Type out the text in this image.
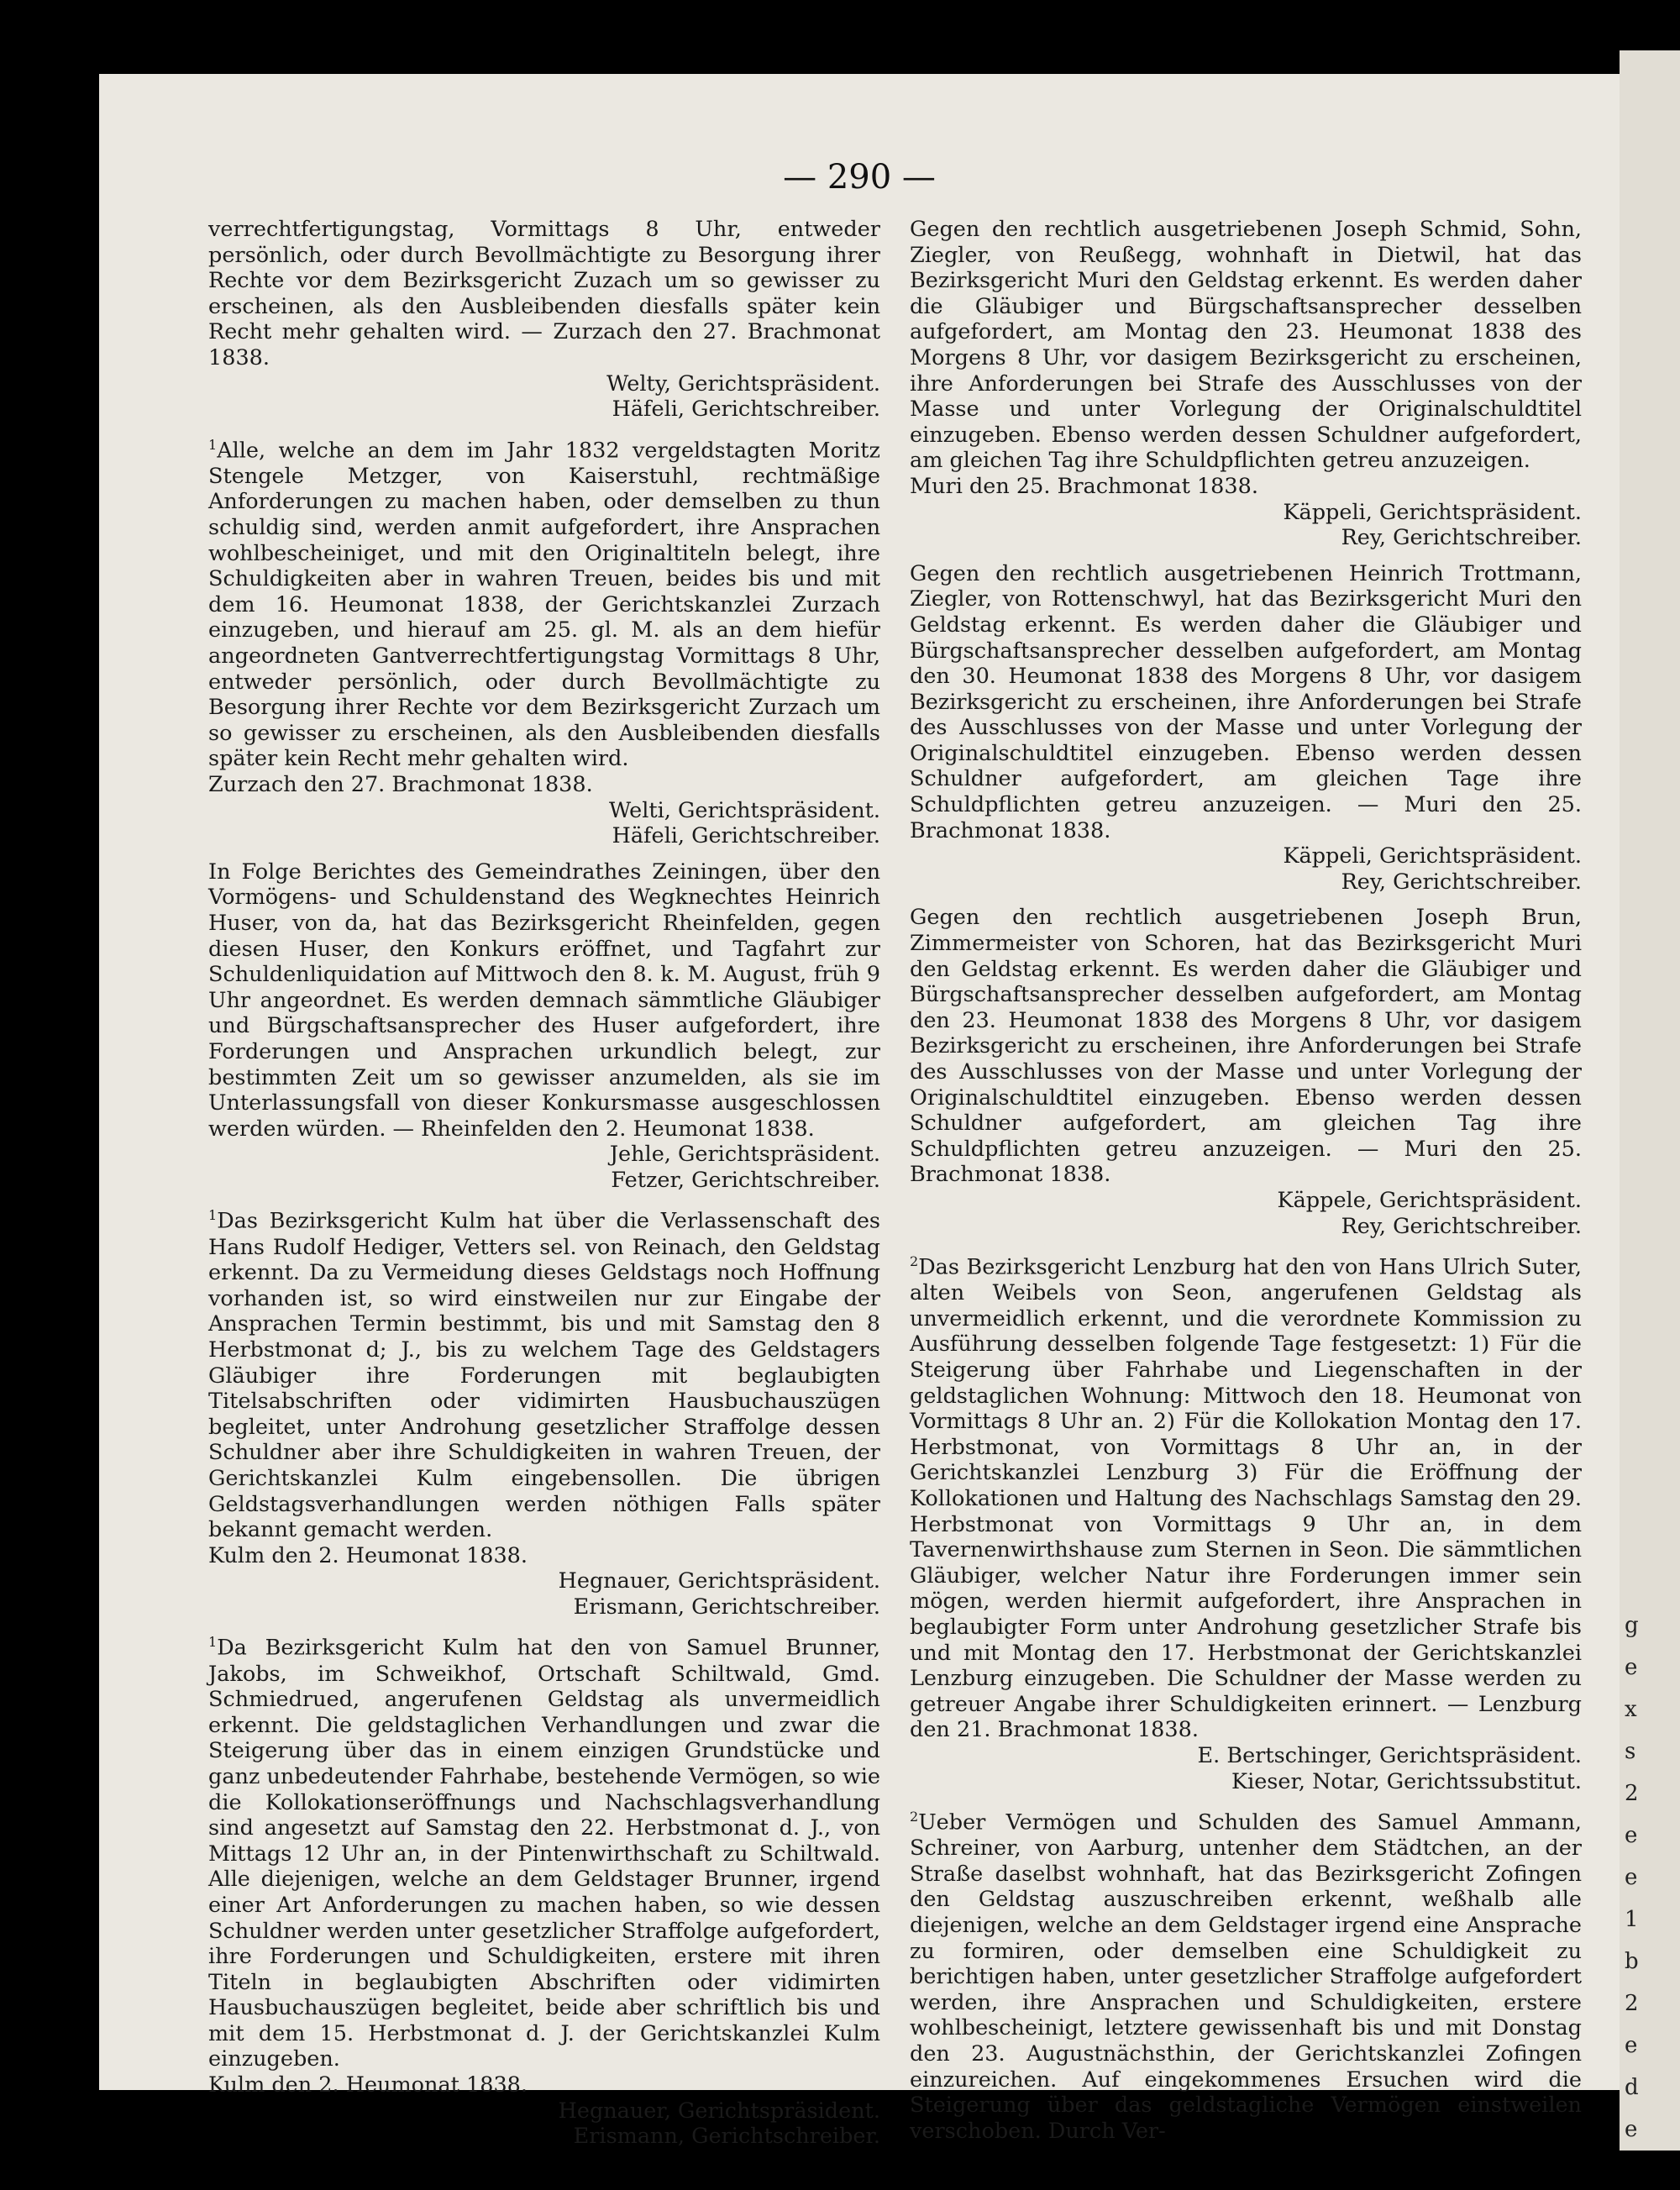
— 290 —

verrechtfertigungstag, Vormittags 8 Uhr, entweder persönlich, oder durch Bevollmächtigte zu Besorgung ihrer Rechte vor dem Bezirksgericht Zuzach um so gewisser zu erscheinen, als den Ausbleibenden diesfalls später kein Recht mehr gehalten wird. — Zurzach den 27. Brachmonat 1838.

Welty, Gerichtspräsident.
Häfeli, Gerichtschreiber.

$^1$Alle, welche an dem im Jahr 1832 vergeldstagten Moritz Stengele Metzger, von Kaiserstuhl, rechtmäßige Anforderungen zu machen haben, oder demselben zu thun schuldig sind, werden anmit aufgefordert, ihre Ansprachen wohlbescheiniget, und mit den Originaltiteln belegt, ihre Schuldigkeiten aber in wahren Treuen, beides bis und mit dem 16. Heumonat 1838, der Gerichtskanzlei Zurzach einzugeben, und hierauf am 25. gl. M. als an dem hiefür angeordneten Gantverrechtfertigungstag Vormittags 8 Uhr, entweder persönlich, oder durch Bevollmächtigte zu Besorgung ihrer Rechte vor dem Bezirksgericht Zurzach um so gewisser zu erscheinen, als den Ausbleibenden diesfalls später kein Recht mehr gehalten wird.

Zurzach den 27. Brachmonat 1838.
Welti, Gerichtspräsident.
Häfeli, Gerichtschreiber.

In Folge Berichtes des Gemeindrathes Zeiningen, über den Vormögens- und Schuldenstand des Wegknechtes Heinrich Huser, von da, hat das Bezirksgericht Rheinfelden, gegen diesen Huser, den Konkurs eröffnet, und Tagfahrt zur Schuldenliquidation auf Mittwoch den 8. k. M. August, früh 9 Uhr angeordnet. Es werden demnach sämmtliche Gläubiger und Bürgschaftsansprecher des Huser aufgefordert, ihre Forderungen und Ansprachen urkundlich belegt, zur bestimmten Zeit um so gewisser anzumelden, als sie im Unterlassungsfall von dieser Konkursmasse ausgeschlossen werden würden. — Rheinfelden den 2. Heumonat 1838.

Jehle, Gerichtspräsident.
Fetzer, Gerichtschreiber.

$^1$Das Bezirksgericht Kulm hat über die Verlassenschaft des Hans Rudolf Hediger, Vetters sel. von Reinach, den Geldstag erkennt. Da zu Vermeidung dieses Geldstags noch Hoffnung vorhanden ist, so wird einstweilen nur zur Eingabe der Ansprachen Termin bestimmt, bis und mit Samstag den 8 Herbstmonat d; J., bis zu welchem Tage des Geldstagers Gläubiger ihre Forderungen mit beglaubigten Titelsabschriften oder vidimirten Hausbuchauszügen begleitet, unter Androhung gesetzlicher Straffolge dessen Schuldner aber ihre Schuldigkeiten in wahren Treuen, der Gerichtskanzlei Kulm eingebensollen. Die übrigen Geldstagsverhandlungen werden nöthigen Falls später bekannt gemacht werden.

Kulm den 2. Heumonat 1838.
Hegnauer, Gerichtspräsident.
Erismann, Gerichtschreiber.

$^1$Da Bezirksgericht Kulm hat den von Samuel Brunner, Jakobs, im Schweikhof, Ortschaft Schiltwald, Gmd. Schmiedrued, angerufenen Geldstag als unvermeidlich erkennt. Die geldstaglichen Verhandlungen und zwar die Steigerung über das in einem einzigen Grundstücke und ganz unbedeutender Fahrhabe, bestehende Vermögen, so wie die Kollokationseröffnungs und Nachschlagsverhandlung sind angesetzt auf Samstag den 22. Herbstmonat d. J., von Mittags 12 Uhr an, in der Pintenwirthschaft zu Schiltwald. Alle diejenigen, welche an dem Geldstager Brunner, irgend einer Art Anforderungen zu machen haben, so wie dessen Schuldner werden unter gesetzlicher Straffolge aufgefordert, ihre Forderungen und Schuldigkeiten, erstere mit ihren Titeln in beglaubigten Abschriften oder vidimirten Hausbuchauszügen begleitet, beide aber schriftlich bis und mit dem 15. Herbstmonat d. J. der Gerichtskanzlei Kulm einzugeben.

Kulm den 2. Heumonat 1838.
Hegnauer, Gerichtspräsident.
Erismann, Gerichtschreiber.

Gegen den rechtlich ausgetriebenen Joseph Schmid, Sohn, Ziegler, von Reußegg, wohnhaft in Dietwil, hat das Bezirksgericht Muri den Geldstag erkennt. Es werden daher die Gläubiger und Bürgschaftsansprecher desselben aufgefordert, am Montag den 23. Heumonat 1838 des Morgens 8 Uhr, vor dasigem Bezirksgericht zu erscheinen, ihre Anforderungen bei Strafe des Ausschlusses von der Masse und unter Vorlegung der Originalschuldtitel einzugeben. Ebenso werden dessen Schuldner aufgefordert, am gleichen Tag ihre Schuldpflichten getreu anzuzeigen.

Muri den 25. Brachmonat 1838.
Käppeli, Gerichtspräsident.
Rey, Gerichtschreiber.

Gegen den rechtlich ausgetriebenen Heinrich Trottmann, Ziegler, von Rottenschwyl, hat das Bezirksgericht Muri den Geldstag erkennt. Es werden daher die Gläubiger und Bürgschaftsansprecher desselben aufgefordert, am Montag den 30. Heumonat 1838 des Morgens 8 Uhr, vor dasigem Bezirksgericht zu erscheinen, ihre Anforderungen bei Strafe des Ausschlusses von der Masse und unter Vorlegung der Originalschuldtitel einzugeben. Ebenso werden dessen Schuldner aufgefordert, am gleichen Tage ihre Schuldpflichten getreu anzuzeigen. — Muri den 25. Brachmonat 1838.

Käppeli, Gerichtspräsident.
Rey, Gerichtschreiber.

Gegen den rechtlich ausgetriebenen Joseph Brun, Zimmermeister von Schoren, hat das Bezirksgericht Muri den Geldstag erkennt. Es werden daher die Gläubiger und Bürgschaftsansprecher desselben aufgefordert, am Montag den 23. Heumonat 1838 des Morgens 8 Uhr, vor dasigem Bezirksgericht zu erscheinen, ihre Anforderungen bei Strafe des Ausschlusses von der Masse und unter Vorlegung der Originalschuldtitel einzugeben. Ebenso werden dessen Schuldner aufgefordert, am gleichen Tag ihre Schuldpflichten getreu anzuzeigen. — Muri den 25. Brachmonat 1838.

Käppele, Gerichtspräsident.
Rey, Gerichtschreiber.

$^2$Das Bezirksgericht Lenzburg hat den von Hans Ulrich Suter, alten Weibels von Seon, angerufenen Geldstag als unvermeidlich erkennt, und die verordnete Kommission zu Ausführung desselben folgende Tage festgesetzt: 1) Für die Steigerung über Fahrhabe und Liegenschaften in der geldstaglichen Wohnung: Mittwoch den 18. Heumonat von Vormittags 8 Uhr an. 2) Für die Kollokation Montag den 17. Herbstmonat, von Vormittags 8 Uhr an, in der Gerichtskanzlei Lenzburg 3) Für die Eröffnung der Kollokationen und Haltung des Nachschlags Samstag den 29. Herbstmonat von Vormittags 9 Uhr an, in dem Tavernenwirthshause zum Sternen in Seon. Die sämmtlichen Gläubiger, welcher Natur ihre Forderungen immer sein mögen, werden hiermit aufgefordert, ihre Ansprachen in beglaubigter Form unter Androhung gesetzlicher Strafe bis und mit Montag den 17. Herbstmonat der Gerichtskanzlei Lenzburg einzugeben. Die Schuldner der Masse werden zu getreuer Angabe ihrer Schuldigkeiten erinnert. — Lenzburg den 21. Brachmonat 1838.

E. Bertschinger, Gerichtspräsident.
Kieser, Notar, Gerichtssubstitut.

$^2$Ueber Vermögen und Schulden des Samuel Ammann, Schreiner, von Aarburg, untenher dem Städtchen, an der Straße daselbst wohnhaft, hat das Bezirksgericht Zofingen den Geldstag auszuschreiben erkennt, weßhalb alle diejenigen, welche an dem Geldstager irgend eine Ansprache zu formiren, oder demselben eine Schuldigkeit zu berichtigen haben, unter gesetzlicher Straffolge aufgefordert werden, ihre Ansprachen und Schuldigkeiten, erstere wohlbescheinigt, letztere gewissenhaft bis und mit Donstag den 23. Augustnächsthin, der Gerichtskanzlei Zofingen einzureichen. Auf eingekommenes Ersuchen wird die Steigerung über das geldstagliche Vermögen einstweilen verschoben. Durch Ver-

g
e
x
s
2
e
e
1
b
2
e
d
e
